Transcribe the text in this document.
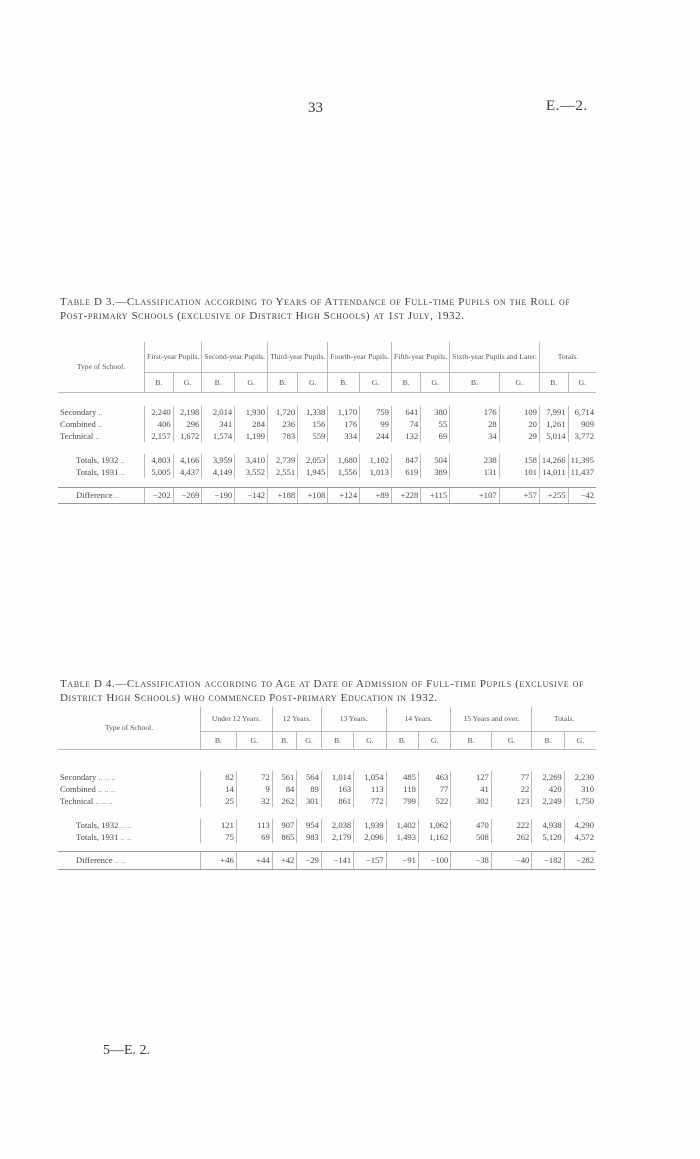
33	E.—2.
Table D 3.—Classification according to Years of Attendance of Full-time Pupils on the Roll of Post-primary Schools (exclusive of District High Schools) at 1st July, 1932.
Type of School.	First-year Pupils.		Second-year Pupils.		Third-year Pupils.		Fourth-year Pupils.		Fifth-year Pupils.		Sixth-year Pupils and Later.		Totals.	
	B.	G.	B.	G.	B.	G.	B.	G.	B.	G.	B.	G.	B.	G.

Secondary ..	2,240	2,198	2,014	1,930	1,720	1,338	1,170	759	641	380	176	109	7,991	6,714
Combined ..	406	296	341	284	236	156	176	99	74	55	28	20	1,261	909
Technical ..	2,157	1,672	1,574	1,199	783	559	334	244	132	69	34	29	5,014	3,772

Totals, 1932 ..	4,803	4,166	3,959	3,410	2,739	2,053	1,680	1,102	847	504	238	158	14,266	11,395
Totals, 1931 ..	5,005	4,437	4,149	3,552	2,551	1,945	1,556	1,013	619	389	131	101	14,011	11,437

Difference ..	−202	−269	−190	−142	+188	+108	+124	+89	+228	+115	+107	+57	+255	−42
Table D 4.—Classification according to Age at Date of Admission of Full-time Pupils (exclusive of District High Schools) who commenced Post-primary Education in 1932.
Type of School.	Under 12 Years.		12 Years.		13 Years.		14 Years.		15 Years and over.		Totals.	
	B.	G.	B.	G.	B.	G.	B.	G.	B.	G.	B.	G.

Secondary .. .. ..	82	72	561	564	1,014	1,054	485	463	127	77	2,269	2,230
Combined .. .. ..	14	9	84	89	163	113	118	77	41	22	420	310
Technical .. .. ..	25	32	262	301	861	772	799	522	302	123	2,249	1,750

Totals, 1932 .. ..	121	113	907	954	2,038	1,939	1,402	1,062	470	222	4,938	4,290
Totals, 1931 .. ..	75	69	865	983	2,179	2,096	1,493	1,162	508	262	5,120	4,572

Difference .. ..	+46	+44	+42	−29	−141	−157	−91	−100	−38	−40	−182	−282
5—E. 2.
